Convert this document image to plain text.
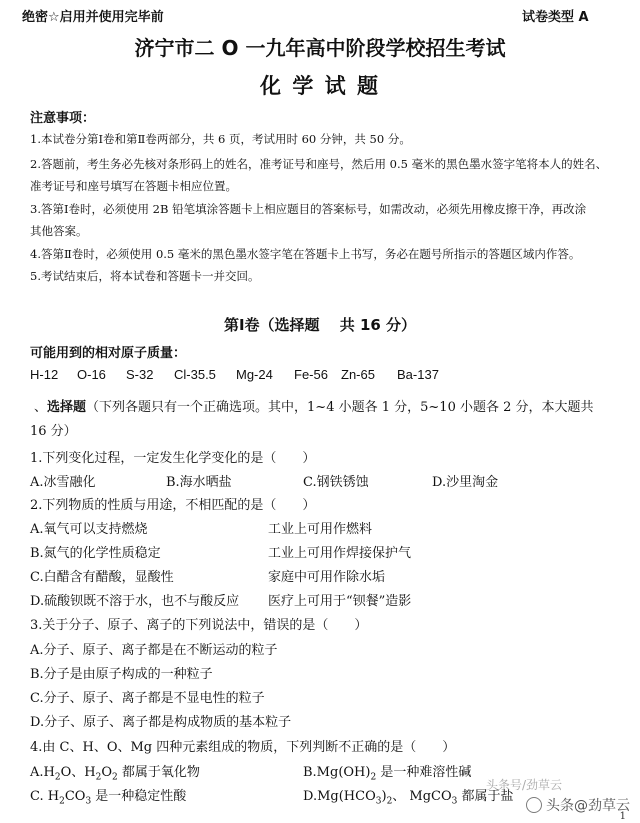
绝密☆启用并使用完毕前	试卷类型 A
济宁市二 O 一九年高中阶段学校招生考试
化 学 试 题
注意事项：
1.本试卷分第Ⅰ卷和第Ⅱ卷两部分，共 6 页，考试用时 60 分钟，共 50 分。
2.答题前，考生务必先核对条形码上的姓名，准考证号和座号，然后用 0.5 毫米的黑色墨水签字笔将本人的姓名、
准考证号和座号填写在答题卡相应位置。
3.答第Ⅰ卷时，必须使用 2B 铅笔填涂答题卡上相应题目的答案标号，如需改动，必须先用橡皮擦干净，再改涂
其他答案。
4.答第Ⅱ卷时，必须使用 0.5 毫米的黑色墨水签字笔在答题卡上书写，务必在题号所指示的答题区域内作答。
5.考试结束后，将本试卷和答题卡一并交回。
第Ⅰ卷（选择题　 共 16 分）
可能用到的相对原子质量：
H-12 O-16 S-32 Cl-35.5 Mg-24 Fe-56 Zn-65 Ba-137
、选择题（下列各题只有一个正确选项。其中，1~4 小题各 1 分，5~10 小题各 2 分，本大题共
16 分）
1.下列变化过程，一定发生化学变化的是（　　）
A.冰雪融化	B.海水晒盐	C.钢铁锈蚀	D.沙里淘金
2.下列物质的性质与用途，不相匹配的是（　　）
A.氧气可以支持燃烧	工业上可用作燃料
B.氮气的化学性质稳定	工业上可用作焊接保护气
C.白醋含有醋酸，显酸性	家庭中可用作除水垢
D.硫酸钡既不溶于水，也不与酸反应 医疗上可用于“钡餐”造影
3.关于分子、原子、离子的下列说法中，错误的是（　　）
A.分子、原子、离子都是在不断运动的粒子
B.分子是由原子构成的一种粒子
C.分子、原子、离子都是不显电性的粒子
D.分子、原子、离子都是构成物质的基本粒子
4.由 C、H、O、Mg 四种元素组成的物质，下列判断不正确的是（　　）
$A.H_2O$、$H_2O_2$ 都属于氧化物	$B.Mg(OH)_2$ 是一种难溶性碱
C. $H_2CO_3$ 是一种稳定性酸	$D.Mg(HCO_3)_2$、 MgCO$_3$ 都属于盐
头条号/劲草云
头条@劲草云
1
